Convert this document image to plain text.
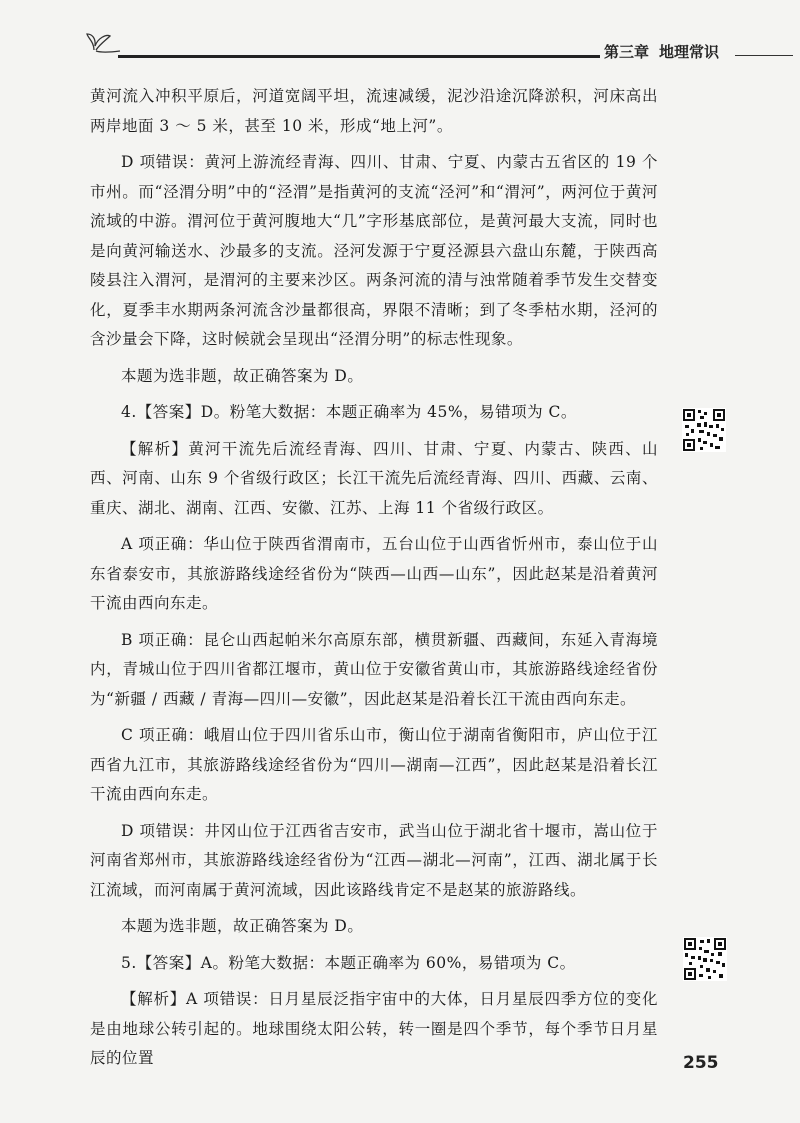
第三章 地理常识

黄河流入冲积平原后，河道宽阔平坦，流速减缓，泥沙沿途沉降淤积，河床高出两岸地面 3 ～ 5 米，甚至 10 米，形成“地上河”。

D 项错误：黄河上游流经青海、四川、甘肃、宁夏、内蒙古五省区的 19 个市州。而“泾渭分明”中的“泾渭”是指黄河的支流“泾河”和“渭河”，两河位于黄河流域的中游。渭河位于黄河腹地大“几”字形基底部位，是黄河最大支流，同时也是向黄河输送水、沙最多的支流。泾河发源于宁夏泾源县六盘山东麓，于陕西高陵县注入渭河，是渭河的主要来沙区。两条河流的清与浊常随着季节发生交替变化，夏季丰水期两条河流含沙量都很高，界限不清晰；到了冬季枯水期，泾河的含沙量会下降，这时候就会呈现出“泾渭分明”的标志性现象。

本题为选非题，故正确答案为 D。

4.【答案】D。粉笔大数据：本题正确率为 45%，易错项为 C。

【解析】黄河干流先后流经青海、四川、甘肃、宁夏、内蒙古、陕西、山西、河南、山东 9 个省级行政区；长江干流先后流经青海、四川、西藏、云南、重庆、湖北、湖南、江西、安徽、江苏、上海 11 个省级行政区。

A 项正确：华山位于陕西省渭南市，五台山位于山西省忻州市，泰山位于山东省泰安市，其旅游路线途经省份为“陕西—山西—山东”，因此赵某是沿着黄河干流由西向东走。

B 项正确：昆仑山西起帕米尔高原东部，横贯新疆、西藏间，东延入青海境内，青城山位于四川省都江堰市，黄山位于安徽省黄山市，其旅游路线途经省份为“新疆 / 西藏 / 青海—四川—安徽”，因此赵某是沿着长江干流由西向东走。

C 项正确：峨眉山位于四川省乐山市，衡山位于湖南省衡阳市，庐山位于江西省九江市，其旅游路线途经省份为“四川—湖南—江西”，因此赵某是沿着长江干流由西向东走。

D 项错误：井冈山位于江西省吉安市，武当山位于湖北省十堰市，嵩山位于河南省郑州市，其旅游路线途经省份为“江西—湖北—河南”，江西、湖北属于长江流域，而河南属于黄河流域，因此该路线肯定不是赵某的旅游路线。

本题为选非题，故正确答案为 D。

5.【答案】A。粉笔大数据：本题正确率为 60%，易错项为 C。

【解析】A 项错误：日月星辰泛指宇宙中的大体，日月星辰四季方位的变化是由地球公转引起的。地球围绕太阳公转，转一圈是四个季节，每个季节日月星辰的位置	255
